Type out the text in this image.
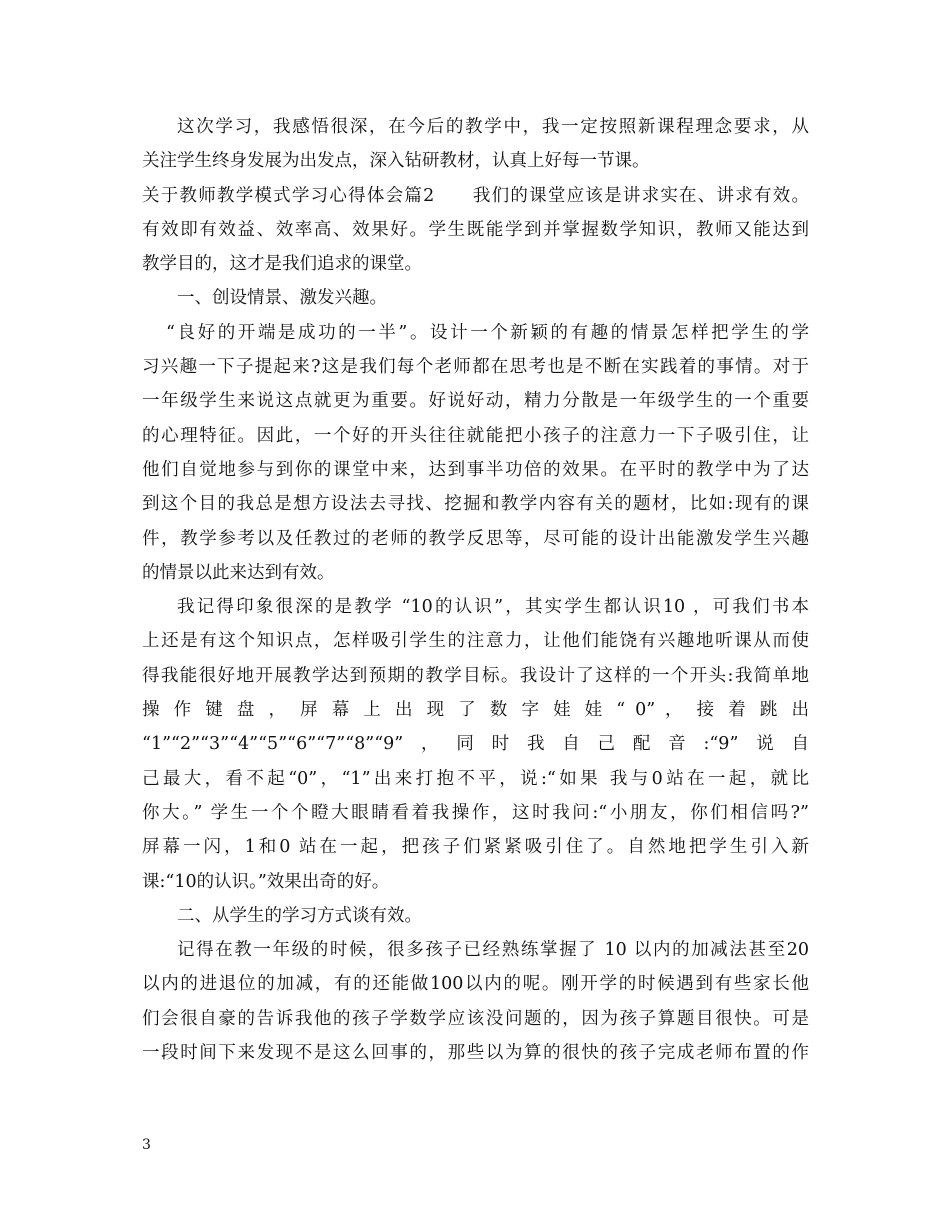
这次学习，我感悟很深，在今后的教学中，我一定按照新课程理念要求，从
关注学生终身发展为出发点，深入钻研教材，认真上好每一节课。
关于教师教学模式学习心得体会篇2　　我们的课堂应该是讲求实在、讲求有效。
有效即有效益、效率高、效果好。学生既能学到并掌握数学知识，教师又能达到
教学目的，这才是我们追求的课堂。
一、创设情景、激发兴趣。
“良好的开端是成功的一半”。设计一个新颖的有趣的情景怎样把学生的学
习兴趣一下子提起来?这是我们每个老师都在思考也是不断在实践着的事情。对于
一年级学生来说这点就更为重要。好说好动，精力分散是一年级学生的一个重要
的心理特征。因此，一个好的开头往往就能把小孩子的注意力一下子吸引住，让
他们自觉地参与到你的课堂中来，达到事半功倍的效果。在平时的教学中为了达
到这个目的我总是想方设法去寻找、挖掘和教学内容有关的题材，比如:现有的课
件，教学参考以及任教过的老师的教学反思等，尽可能的设计出能激发学生兴趣
的情景以此来达到有效。
我记得印象很深的是教学 “10的认识”，其实学生都认识10 ，可我们书本
上还是有这个知识点，怎样吸引学生的注意力，让他们能饶有兴趣地听课从而使
得我能很好地开展教学达到预期的教学目标。我设计了这样的一个开头:我简单地
操 作 键 盘 ， 屏 幕 上 出 现 了 数 字 娃 娃 “ 0” ， 接 着 跳 出
“1”“2”“3”“4”“5”“6”“7”“8”“9”，同时我自己配音:“9”说自
己最大，看不起“0”，“1”出来打抱不平，说:“如果 我与0站在一起，就比
你大。” 学生一个个瞪大眼睛看着我操作，这时我问:“小朋友，你们相信吗?”
屏幕一闪，1和0 站在一起，把孩子们紧紧吸引住了。自然地把学生引入新
课:“10的认识。”效果出奇的好。
二、从学生的学习方式谈有效。
记得在教一年级的时候，很多孩子已经熟练掌握了 10 以内的加减法甚至20
以内的进退位的加减，有的还能做100以内的呢。刚开学的时候遇到有些家长他
们会很自豪的告诉我他的孩子学数学应该没问题的，因为孩子算题目很快。可是
一段时间下来发现不是这么回事的，那些以为算的很快的孩子完成老师布置的作
3
